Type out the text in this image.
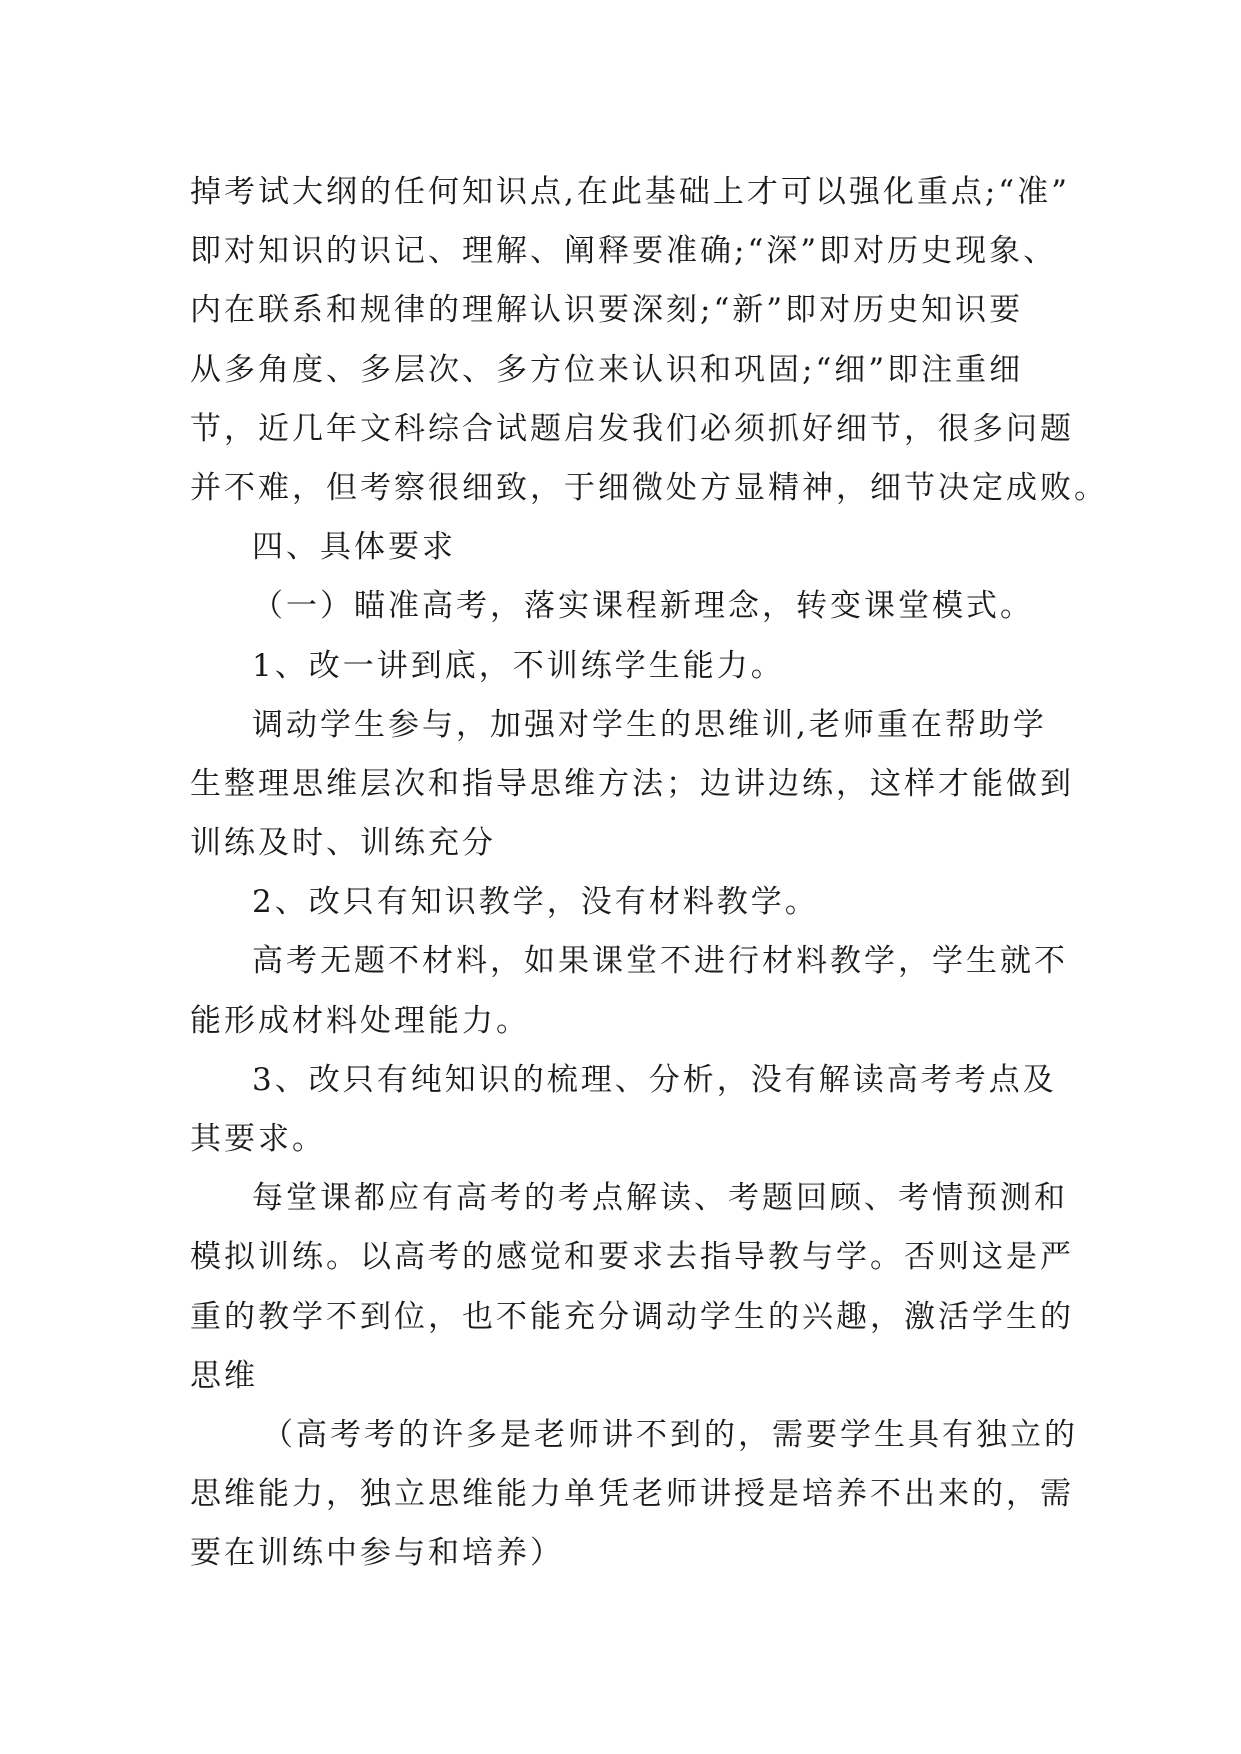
掉考试大纲的任何知识点,在此基础上才可以强化重点;“准”
即对知识的识记、理解、阐释要准确;“深”即对历史现象、
内在联系和规律的理解认识要深刻;“新”即对历史知识要
从多角度、多层次、多方位来认识和巩固;“细”即注重细
节，近几年文科综合试题启发我们必须抓好细节，很多问题
并不难，但考察很细致，于细微处方显精神，细节决定成败。
四、具体要求
（一）瞄准高考，落实课程新理念，转变课堂模式。
1、改一讲到底，不训练学生能力。
调动学生参与，加强对学生的思维训,老师重在帮助学
生整理思维层次和指导思维方法；边讲边练，这样才能做到
训练及时、训练充分
2、改只有知识教学，没有材料教学。
高考无题不材料，如果课堂不进行材料教学，学生就不
能形成材料处理能力。
3、改只有纯知识的梳理、分析，没有解读高考考点及
其要求。
每堂课都应有高考的考点解读、考题回顾、考情预测和
模拟训练。以高考的感觉和要求去指导教与学。否则这是严
重的教学不到位，也不能充分调动学生的兴趣，激活学生的
思维
（高考考的许多是老师讲不到的，需要学生具有独立的
思维能力，独立思维能力单凭老师讲授是培养不出来的，需
要在训练中参与和培养）
